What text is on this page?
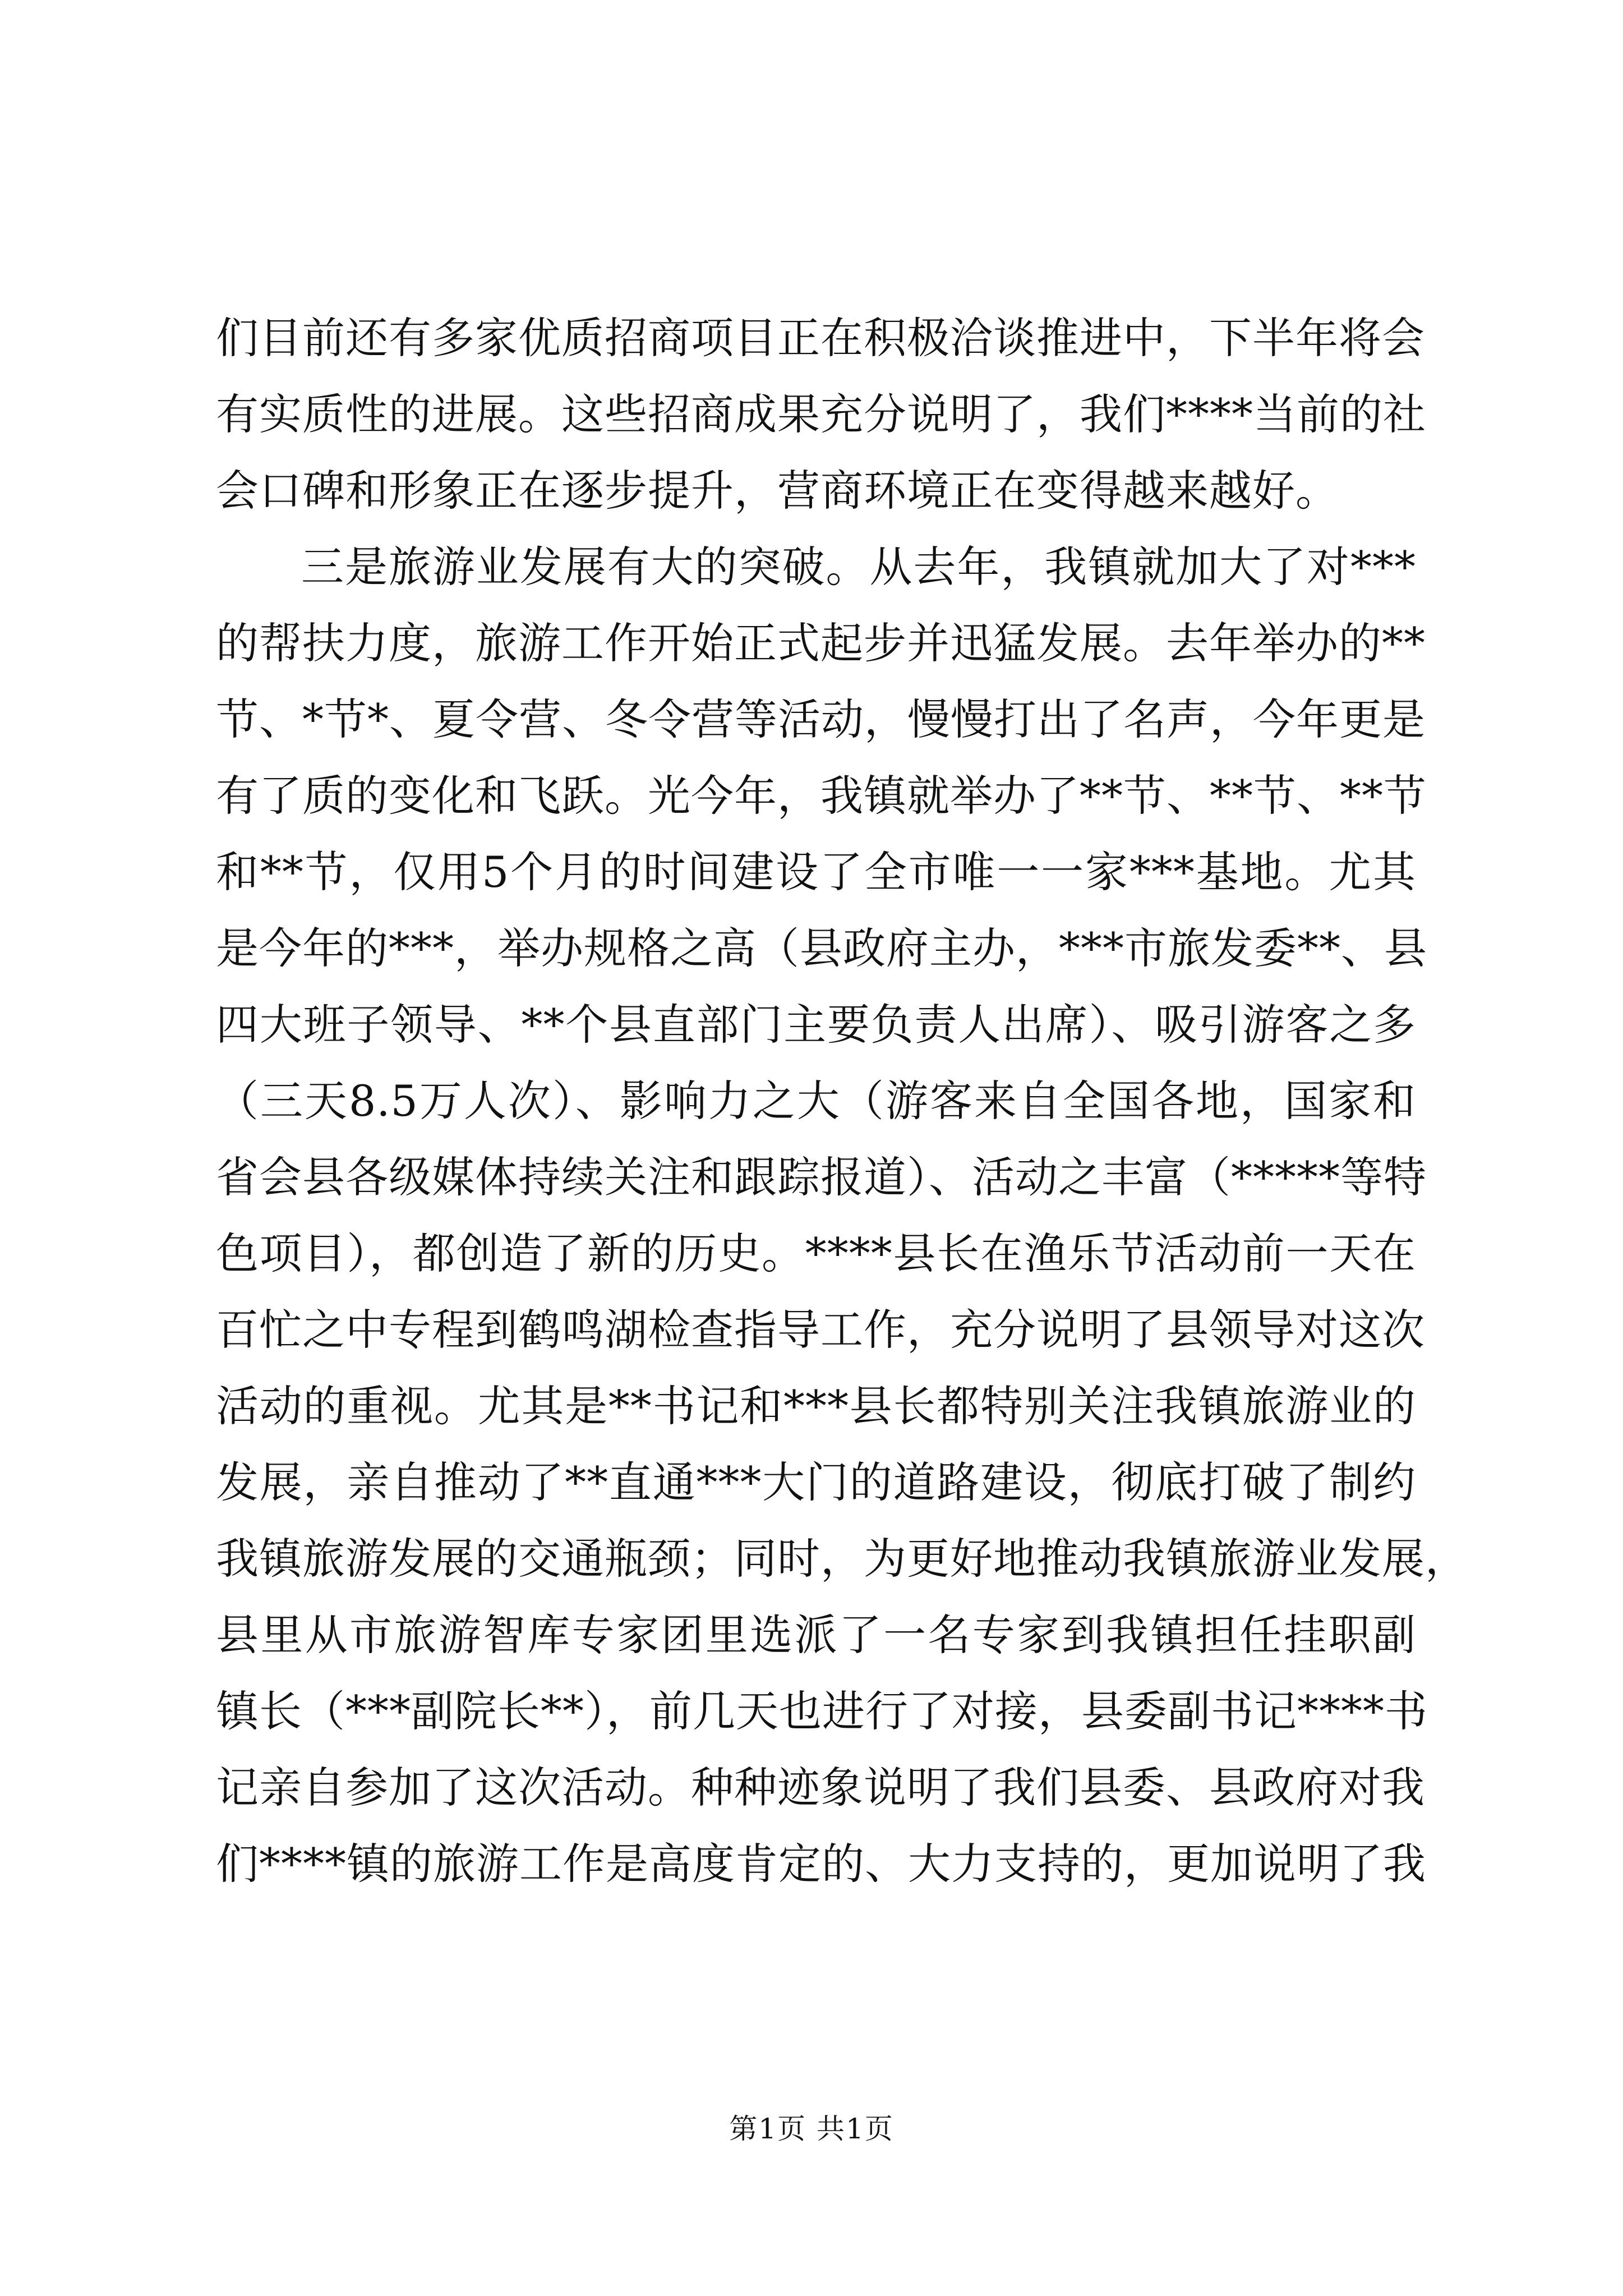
们目前还有多家优质招商项目正在积极洽谈推进中，下半年将会
有实质性的进展。这些招商成果充分说明了，我们****当前的社
会口碑和形象正在逐步提升，营商环境正在变得越来越好。
三是旅游业发展有大的突破。从去年，我镇就加大了对***
的帮扶力度，旅游工作开始正式起步并迅猛发展。去年举办的**
节、*节*、夏令营、冬令营等活动，慢慢打出了名声，今年更是
有了质的变化和飞跃。光今年，我镇就举办了**节、**节、**节
和**节，仅用5个月的时间建设了全市唯一一家***基地。尤其
是今年的***，举办规格之高（县政府主办，***市旅发委**、县
四大班子领导、**个县直部门主要负责人出席）、吸引游客之多
（三天8.5万人次）、影响力之大（游客来自全国各地，国家和
省会县各级媒体持续关注和跟踪报道）、活动之丰富（*****等特
色项目），都创造了新的历史。****县长在渔乐节活动前一天在
百忙之中专程到鹤鸣湖检查指导工作，充分说明了县领导对这次
活动的重视。尤其是**书记和***县长都特别关注我镇旅游业的
发展，亲自推动了**直通***大门的道路建设，彻底打破了制约
我镇旅游发展的交通瓶颈；同时，为更好地推动我镇旅游业发展，
县里从市旅游智库专家团里选派了一名专家到我镇担任挂职副
镇长（***副院长**），前几天也进行了对接，县委副书记****书
记亲自参加了这次活动。种种迹象说明了我们县委、县政府对我
们****镇的旅游工作是高度肯定的、大力支持的，更加说明了我
第1页 共1页
